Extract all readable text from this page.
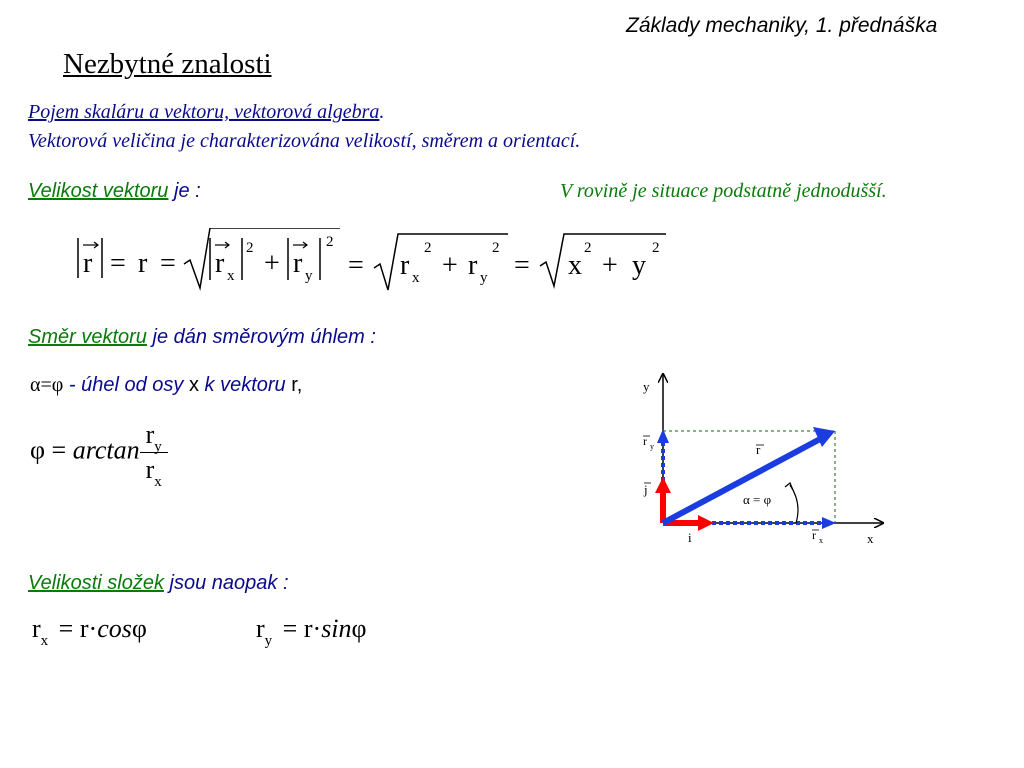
Základy mechaniky, 1. přednáška
Nezbytné znalosti
Pojem skaláru a vektoru, vektorová algebra.
Vektorová veličina je charakterizována velikostí, směrem a orientací.
Velikost vektoru je :	V rovině je situace podstatně jednodušší.
r = r = r x
2 + r y
2
= r x
2
+ r y
2
= x
2
+ y
2
Směr vektoru je dán směrovým úhlem :
α=φ - úhel od osy x k vektoru r,
$\varphi = \arctan \frac{r_y}{r_x}$
Velikosti složek jsou naopak :
$r_x = r\cdot\cos\varphi$	$r_y = r\cdot\sin\varphi$
y
x
r y	r
j
i	r x
α = φ
